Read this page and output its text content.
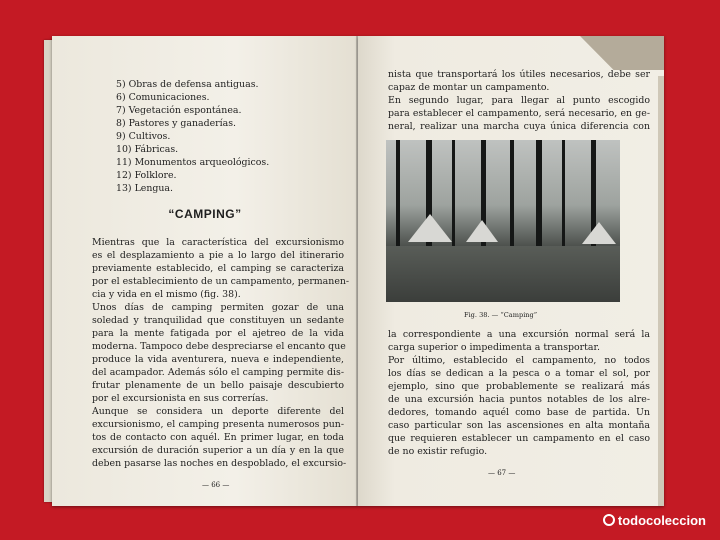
5) Obras de defensa antiguas.
6) Comunicaciones.
7) Vegetación espontánea.
8) Pastores y ganaderías.
9) Cultivos.
10) Fábricas.
11) Monumentos arqueológicos.
12) Folklore.
13) Lengua.
“CAMPING”
Mientras que la característica del excursionismo
es el desplazamiento a pie a lo largo del itinerario
previamente establecido, el camping se caracteriza
por el establecimiento de un campamento, permanen-
cia y vida en el mismo (fig. 38).
Unos días de camping permiten gozar de una
soledad y tranquilidad que constituyen un sedante
para la mente fatigada por el ajetreo de la vida
moderna. Tampoco debe despreciarse el encanto que
produce la vida aventurera, nueva e independiente,
del acampador. Además sólo el camping permite dis-
frutar plenamente de un bello paisaje descubierto
por el excursionista en sus correrías.
Aunque se considera un deporte diferente del
excursionismo, el camping presenta numerosos pun-
tos de contacto con aquél. En primer lugar, en toda
excursión de duración superior a un día y en la que
deben pasarse las noches en despoblado, el excursio-
— 66 —
nista que transportará los útiles necesarios, debe ser
capaz de montar un campamento.
En segundo lugar, para llegar al punto escogido
para establecer el campamento, será necesario, en ge-
neral, realizar una marcha cuya única diferencia con
Fig. 38. — “Camping”
la correspondiente a una excursión normal será la
carga superior o impedimenta a transportar.
Por último, establecido el campamento, no todos
los días se dedican a la pesca o a tomar el sol, por
ejemplo, sino que probablemente se realizará más
de una excursión hacia puntos notables de los alre-
dedores, tomando aquél como base de partida. Un
caso particular son las ascensiones en alta montaña
que requieren establecer un campamento en el caso
de no existir refugio.
— 67 —
todocoleccion
